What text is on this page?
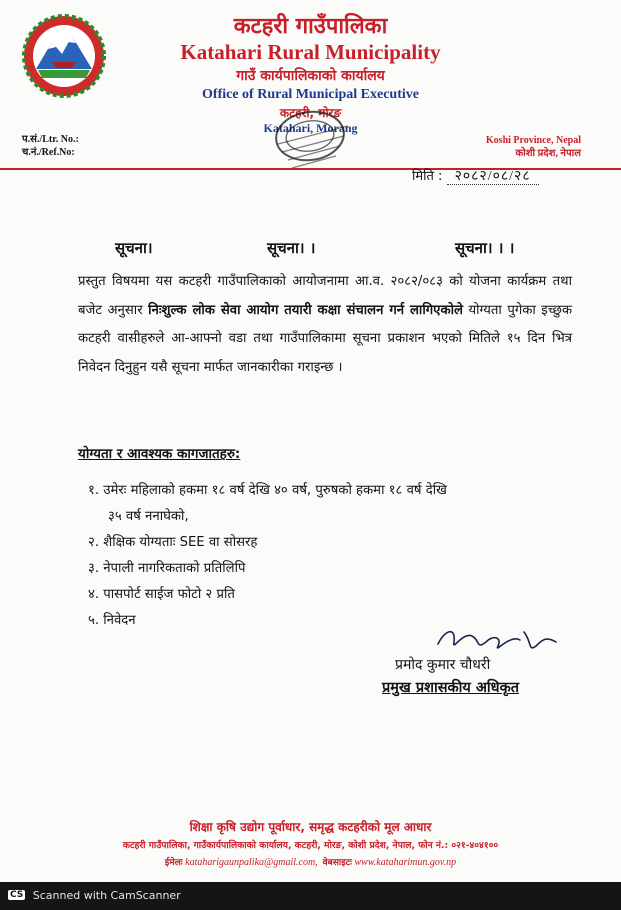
कटहरी गाउँपालिका
Katahari Rural Municipality
गाउँ कार्यपालिकाको कार्यालय
Office of Rural Municipal Executive
कटहरी, मोरङ
Katahari, Morang
प.सं./Ltr. No.:
च.नं./Ref.No:
Koshi Province, Nepal
कोशी प्रदेश, नेपाल
मिति : २०८२/०८/२८
सूचना।	सूचना। ।	सूचना। । ।
प्रस्तुत विषयमा यस कटहरी गाउँपालिकाको आयोजनामा आ.व. २०८२/०८३ को योजना कार्यक्रम तथा बजेट अनुसार निःशुल्क लोक सेवा आयोग तयारी कक्षा संचालन गर्न लागिएकोले योग्यता पुगेका इच्छुक कटहरी वासीहरुले आ-आफ्नो वडा तथा गाउँपालिकामा सूचना प्रकाशन भएको मितिले १५ दिन भित्र निवेदन दिनुहुन यसै सूचना मार्फत जानकारीका गराइन्छ ।
योग्यता र आवश्यक कागजातहरु:
१. उमेरः महिलाको हकमा १८ वर्ष देखि ४० वर्ष, पुरुषको हकमा १८ वर्ष देखि
३५ वर्ष ननाघेको,
२. शैक्षिक योग्यताः SEE वा सोसरह
३. नेपाली नागरिकताको प्रतिलिपि
४. पासपोर्ट साईज फोटो २ प्रति
५. निवेदन
प्रमोद कुमार चौधरी
प्रमुख प्रशासकीय अधिकृत
शिक्षा कृषि उद्योग पूर्वाधार, समृद्ध कटहरीको मूल आधार
कटहरी गाउँपालिका, गाउँकार्यपालिकाको कार्यालय, कटहरी, मोरङ, कोशी प्रदेश, नेपाल, फोन नं.: ०२१-४०४१००
ईमेलः kataharigaunpalika@gmail.com, वेबसाइटः www.kataharimun.gov.np
CS Scanned with CamScanner
